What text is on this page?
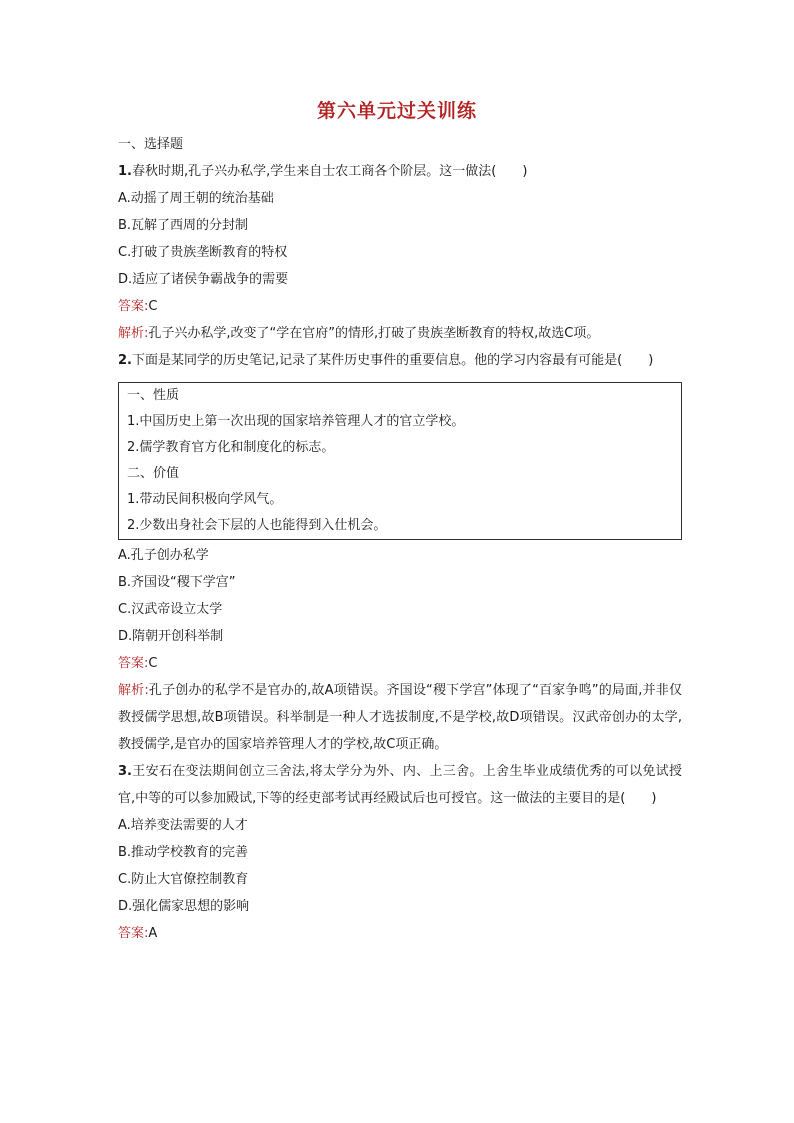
第六单元过关训练
一、选择题
1.春秋时期,孔子兴办私学,学生来自士农工商各个阶层。这一做法(　　)
A.动摇了周王朝的统治基础
B.瓦解了西周的分封制
C.打破了贵族垄断教育的特权
D.适应了诸侯争霸战争的需要
答案:C
解析:孔子兴办私学,改变了“学在官府”的情形,打破了贵族垄断教育的特权,故选C项。
2.下面是某同学的历史笔记,记录了某件历史事件的重要信息。他的学习内容最有可能是(　　)
一、性质
1.中国历史上第一次出现的国家培养管理人才的官立学校。
2.儒学教育官方化和制度化的标志。
二、价值
1.带动民间积极向学风气。
2.少数出身社会下层的人也能得到入仕机会。
A.孔子创办私学
B.齐国设“稷下学宫”
C.汉武帝设立太学
D.隋朝开创科举制
答案:C
解析:孔子创办的私学不是官办的,故A项错误。齐国设“稷下学宫”体现了“百家争鸣”的局面,并非仅教授儒学思想,故B项错误。科举制是一种人才选拔制度,不是学校,故D项错误。汉武帝创办的太学,教授儒学,是官办的国家培养管理人才的学校,故C项正确。
3.王安石在变法期间创立三舍法,将太学分为外、内、上三舍。上舍生毕业成绩优秀的可以免试授官,中等的可以参加殿试,下等的经吏部考试再经殿试后也可授官。这一做法的主要目的是(　　)
A.培养变法需要的人才
B.推动学校教育的完善
C.防止大官僚控制教育
D.强化儒家思想的影响
答案:A
